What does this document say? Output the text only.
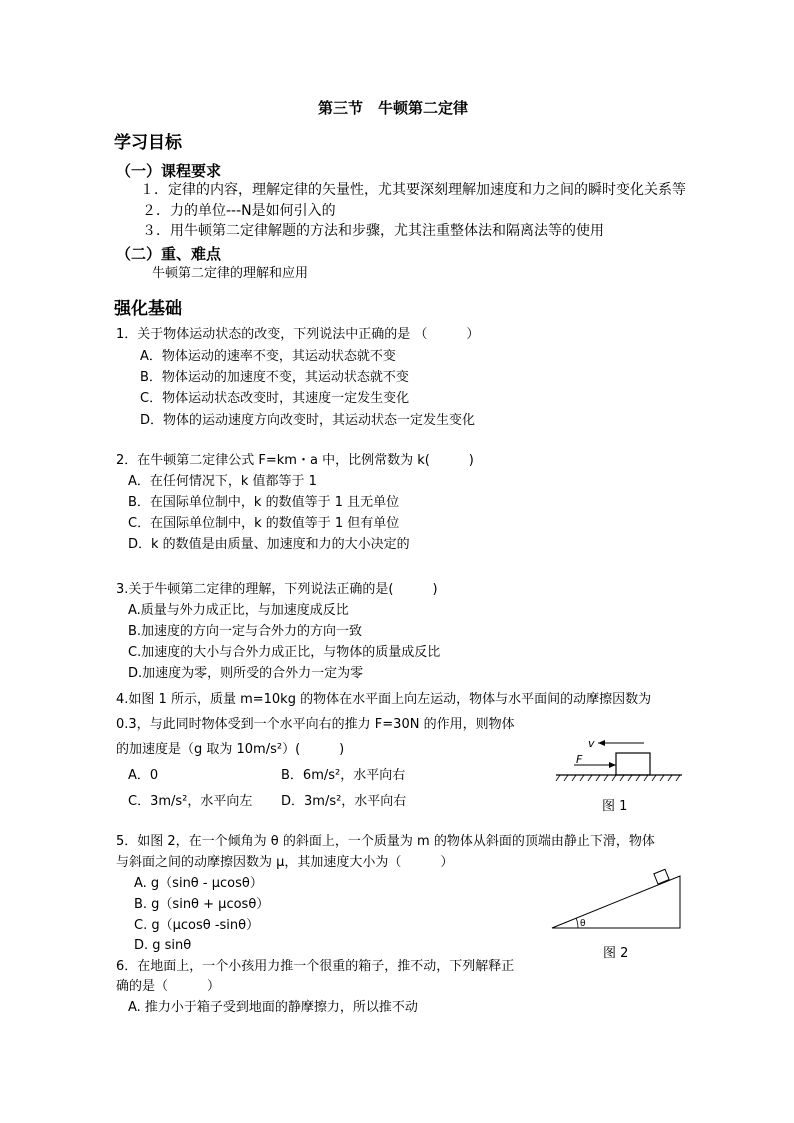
第三节　牛顿第二定律
学习目标
（一）课程要求
１．定律的内容，理解定律的矢量性，尤其要深刻理解加速度和力之间的瞬时变化关系等
２．力的单位---N是如何引入的
３．用牛顿第二定律解题的方法和步骤，尤其注重整体法和隔离法等的使用
（二）重、难点
牛顿第二定律的理解和应用
强化基础
1．关于物体运动状态的改变，下列说法中正确的是 （　　　）
A．物体运动的速率不变，其运动状态就不变
B．物体运动的加速度不变，其运动状态就不变
C．物体运动状态改变时，其速度一定发生变化
D．物体的运动速度方向改变时，其运动状态一定发生变化
2．在牛顿第二定律公式 F=km・a 中，比例常数为 k(　　　)
A．在任何情况下，k 值都等于 1
B．在国际单位制中，k 的数值等于 1 且无单位
C．在国际单位制中，k 的数值等于 1 但有单位
D．k 的数值是由质量、加速度和力的大小决定的
3.关于牛顿第二定律的理解，下列说法正确的是(　　　)
A.质量与外力成正比，与加速度成反比
B.加速度的方向一定与合外力的方向一致
C.加速度的大小与合外力成正比，与物体的质量成反比
D.加速度为零，则所受的合外力一定为零
4.如图 1 所示，质量 m=10kg 的物体在水平面上向左运动，物体与水平面间的动摩擦因数为
0.3，与此同时物体受到一个水平向右的推力 F=30N 的作用，则物体
的加速度是（g 取为 10m/s²）(　　　)
A．0	B．6m/s²，水平向右
C．3m/s²，水平向左 D．3m/s²，水平向右
v
F
图 1
5．如图 2，在一个倾角为 θ 的斜面上，一个质量为 m 的物体从斜面的顶端由静止下滑，物体
与斜面之间的动摩擦因数为 μ，其加速度大小为（　　　）
A. g（sinθ - μcosθ）
B. g（sinθ + μcosθ）
C. g（μcosθ -sinθ）
D. g sinθ
θ
图 2
6．在地面上，一个小孩用力推一个很重的箱子，推不动，下列解释正
确的是（　　　）
A. 推力小于箱子受到地面的静摩擦力，所以推不动
